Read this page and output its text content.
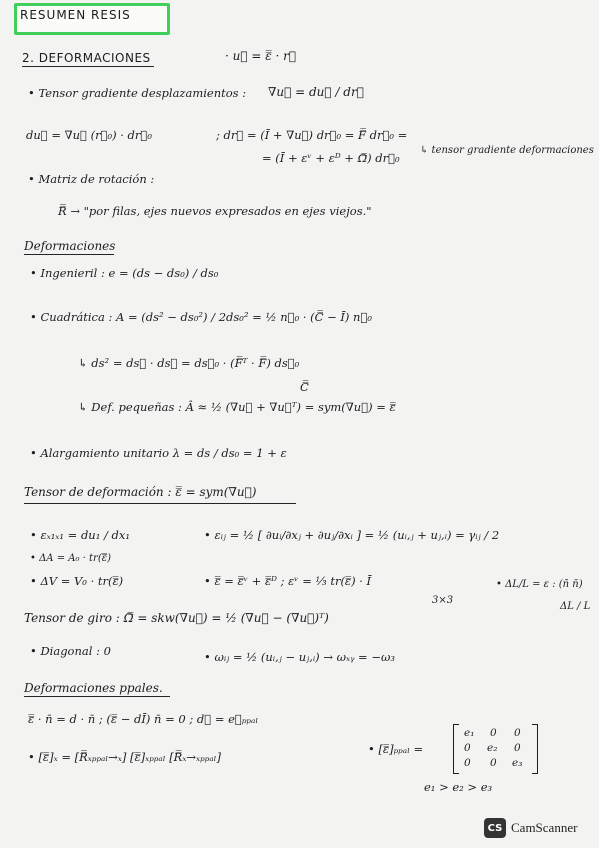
RESUMEN RESIS
2. DEFORMACIONES	· u⃗ = ε̿ · r⃗
• Tensor gradiente desplazamientos : ∇u⃗ = du⃗ / dr⃗
du⃗ = ∇u⃗ (r⃗₀) · dr⃗₀	; dr⃗ = (Ī + ∇u⃗) dr⃗₀ = F̿ dr⃗₀ =
= (Ī + εᵛ + εᴰ + Ω̿) dr⃗₀
↳ tensor gradiente deformaciones
• Matriz de rotación :
R̿ → "por filas, ejes nuevos expresados en ejes viejos."
Deformaciones
• Ingenieril : e = (ds − ds₀) / ds₀
• Cuadrática : A = (ds² − ds₀²) / 2ds₀² = ½ n⃗₀ · (C̿ − Ī) n⃗₀
↳ ds² = ds⃗ · ds⃗ = ds⃗₀ · (F̿ᵀ · F̿) ds⃗₀
C̿
↳ Def. pequeñas : Â ≈ ½ (∇u⃗ + ∇u⃗ᵀ) = sym(∇u⃗) = ε̿
• Alargamiento unitario λ = ds / ds₀ = 1 + ε
Tensor de deformación : ε̿ = sym(∇u⃗)
• εₓ₁ₓ₁ = du₁ / dx₁	• εᵢⱼ = ½ [ ∂uᵢ/∂xⱼ + ∂uⱼ/∂xᵢ ] = ½ (uᵢ,ⱼ + uⱼ,ᵢ) = γᵢⱼ / 2
• ΔA = A₀ · tr(ε̿)
• ΔV = V₀ · tr(ε̿)	• ε̿ = ε̿ᵛ + ε̿ᴰ ; εᵛ = ⅓ tr(ε̿) · Ī
3×3
• ΔL/L = ε : (n̄ n̄)
ΔL / L
Tensor de giro : Ω̿ = skw(∇u⃗) = ½ (∇u⃗ − (∇u⃗)ᵀ)
• Diagonal : 0	• ωᵢⱼ = ½ (uᵢ,ⱼ − uⱼ,ᵢ) → ωₓᵧ = −ω₃
Deformaciones ppales.
ε̿ · n̄ = d · n̄ ; (ε̿ − dĪ) n̄ = 0 ; d⃗ = e⃗ₚₚₐₗ
• [ε̿]ₓ = [R̿ₓₚₚₐₗ→ₓ] [ε̿]ₓₚₚₐₗ [R̿ₓ→ₓₚₚₐₗ]
• [ε̿]ₚₚₐₗ =
e₁ 0 0
0 e₂ 0
0 0 e₃
e₁ > e₂ > e₃
CS CamScanner
